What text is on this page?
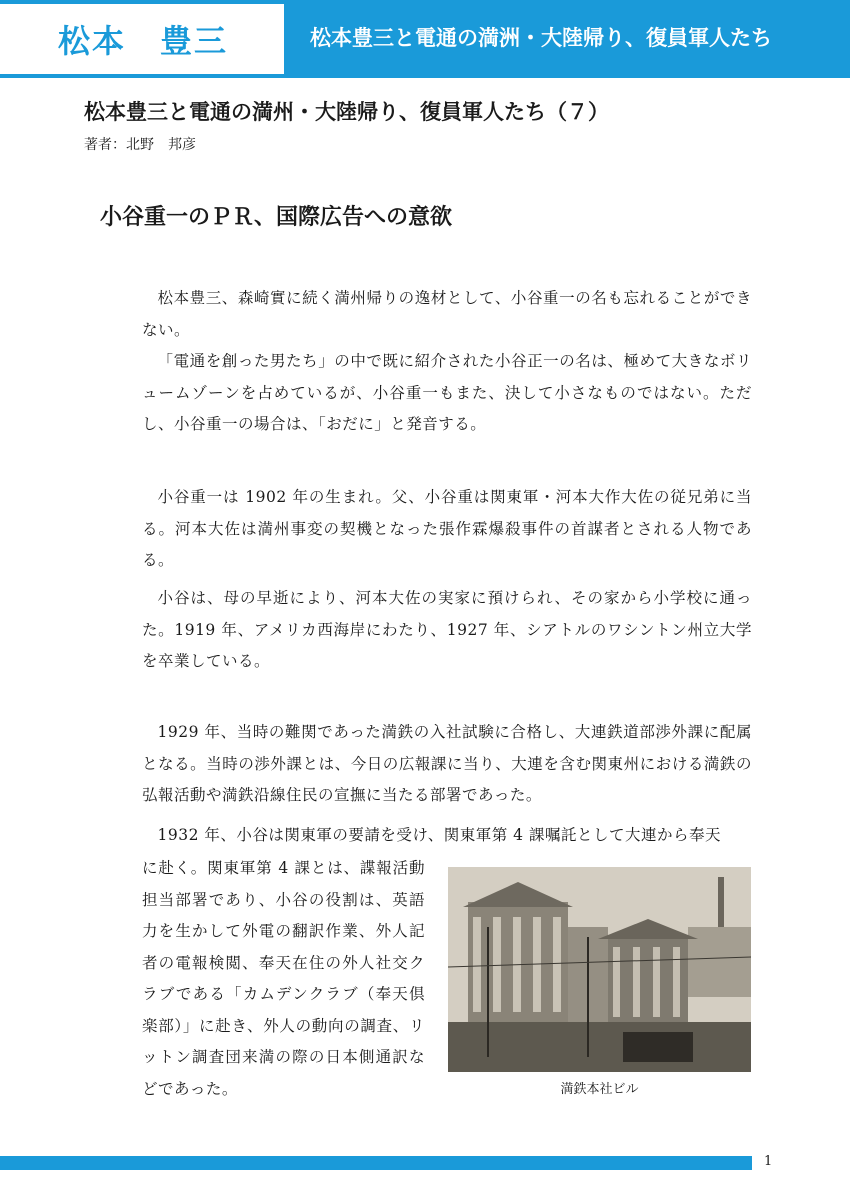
松本　豊三	松本豊三と電通の満洲・大陸帰り、復員軍人たち
松本豊三と電通の満州・大陸帰り、復員軍人たち（７）
著者：北野　邦彦
小谷重一のＰＲ、国際広告への意欲

松本豊三、森崎實に続く満州帰りの逸材として、小谷重一の名も忘れることができない。

「電通を創った男たち」の中で既に紹介された小谷正一の名は、極めて大きなボリュームゾーンを占めているが、小谷重一もまた、決して小さなものではない。ただし、小谷重一の場合は、「おだに」と発音する。

小谷重一は 1902 年の生まれ。父、小谷重は関東軍・河本大作大佐の従兄弟に当る。河本大佐は満州事変の契機となった張作霖爆殺事件の首謀者とされる人物である。

小谷は、母の早逝により、河本大佐の実家に預けられ、その家から小学校に通った。1919 年、アメリカ西海岸にわたり、1927 年、シアトルのワシントン州立大学を卒業している。

1929 年、当時の難関であった満鉄の入社試験に合格し、大連鉄道部渉外課に配属となる。当時の渉外課とは、今日の広報課に当り、大連を含む関東州における満鉄の弘報活動や満鉄沿線住民の宣撫に当たる部署であった。

1932 年、小谷は関東軍の要請を受け、関東軍第 4 課嘱託として大連から奉天

に赴く。関東軍第 4 課とは、諜報活動担当部署であり、小谷の役割は、英語力を生かして外電の翻訳作業、外人記者の電報検閲、奉天在住の外人社交クラブである「カムデンクラブ（奉天倶楽部）」に赴き、外人の動向の調査、リットン調査団来満の際の日本側通訳などであった。	満鉄本社ビル
1
